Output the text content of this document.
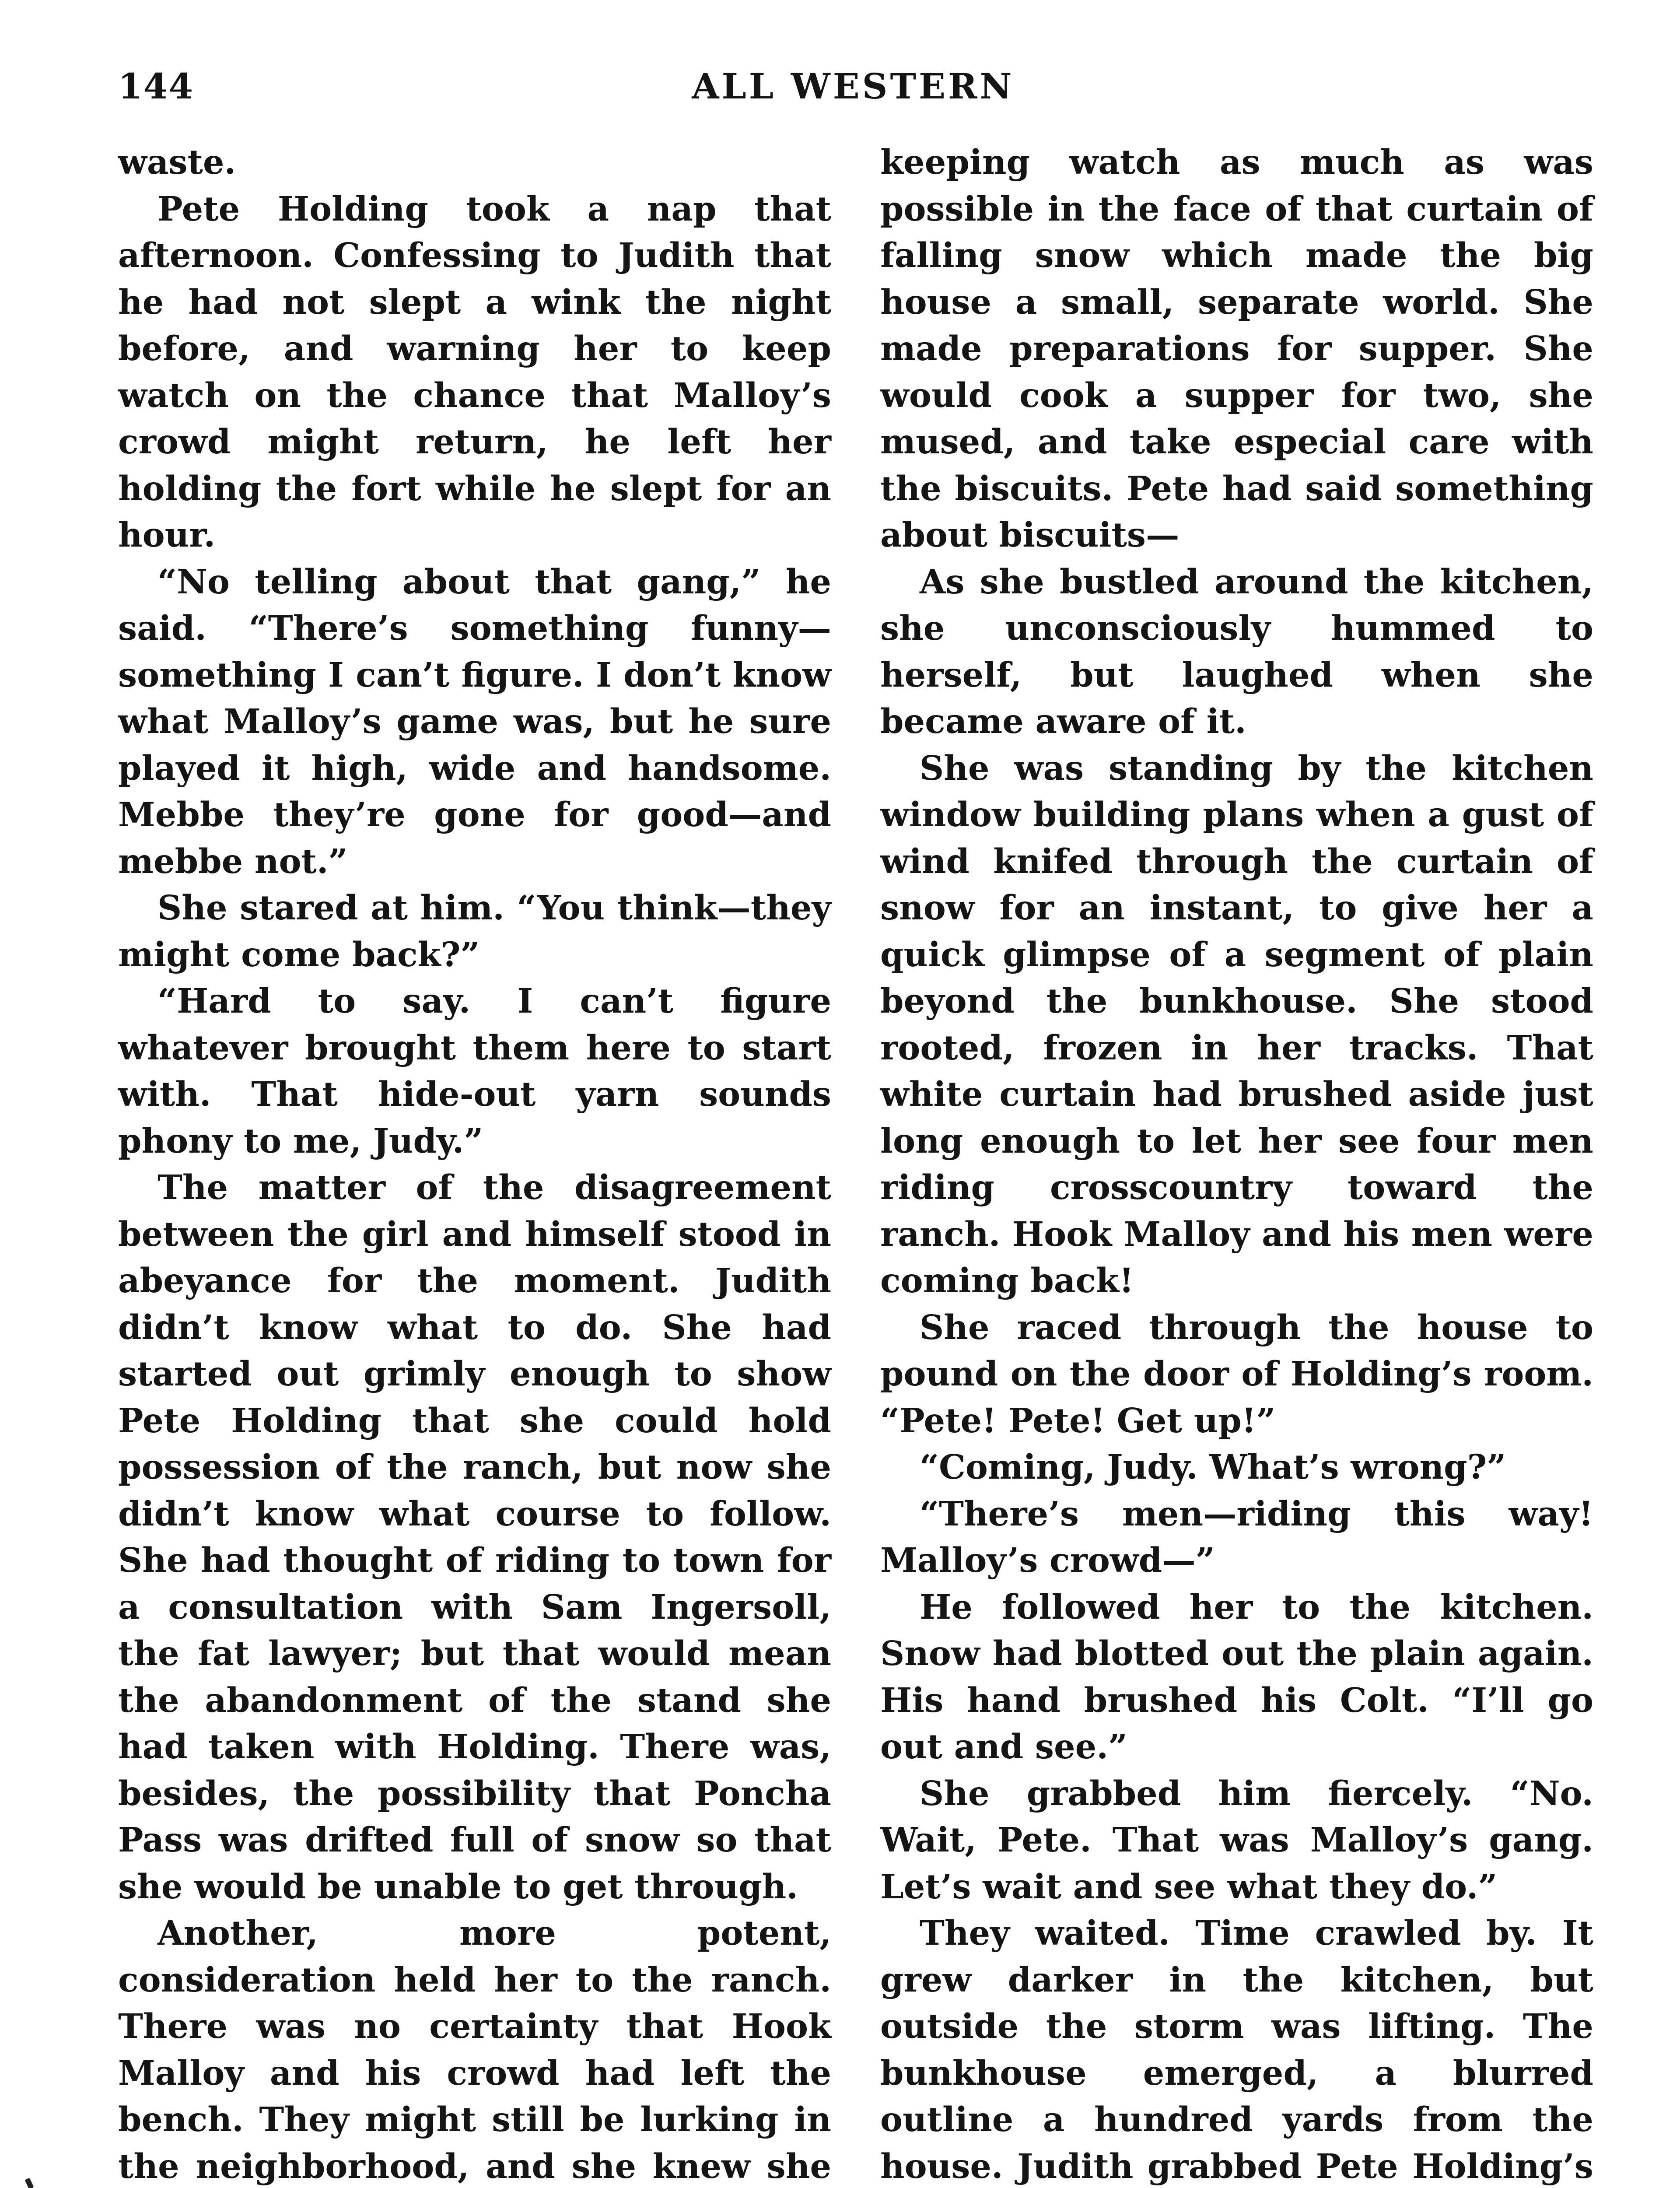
144	ALL WESTERN

waste.

Pete Holding took a nap that afternoon. Confessing to Judith that he had not slept a wink the night before, and warning her to keep watch on the chance that Malloy’s crowd might return, he left her holding the fort while he slept for an hour.

“No telling about that gang,” he said. “There’s something funny—something I can’t figure. I don’t know what Malloy’s game was, but he sure played it high, wide and handsome. Mebbe they’re gone for good—and mebbe not.”

She stared at him. “You think—they might come back?”

“Hard to say. I can’t figure whatever brought them here to start with. That hide-out yarn sounds phony to me, Judy.”

The matter of the disagreement between the girl and himself stood in abeyance for the moment. Judith didn’t know what to do. She had started out grimly enough to show Pete Holding that she could hold possession of the ranch, but now she didn’t know what course to follow. She had thought of riding to town for a consultation with Sam Ingersoll, the fat lawyer; but that would mean the abandonment of the stand she had taken with Holding. There was, besides, the possibility that Poncha Pass was drifted full of snow so that she would be unable to get through.

Another, more potent, consideration held her to the ranch. There was no certainty that Hook Malloy and his crowd had left the bench. They might still be lurking in the neighborhood, and she knew she

keeping watch as much as was possible in the face of that curtain of falling snow which made the big house a small, separate world. She made preparations for supper. She would cook a supper for two, she mused, and take especial care with the biscuits. Pete had said something about biscuits—

As she bustled around the kitchen, she unconsciously hummed to herself, but laughed when she became aware of it.

She was standing by the kitchen window building plans when a gust of wind knifed through the curtain of snow for an instant, to give her a quick glimpse of a segment of plain beyond the bunkhouse. She stood rooted, frozen in her tracks. That white curtain had brushed aside just long enough to let her see four men riding crosscountry toward the ranch. Hook Malloy and his men were coming back!

She raced through the house to pound on the door of Holding’s room. “Pete! Pete! Get up!”

“Coming, Judy. What’s wrong?”

“There’s men—riding this way! Malloy’s crowd—”

He followed her to the kitchen. Snow had blotted out the plain again. His hand brushed his Colt. “I’ll go out and see.”

She grabbed him fiercely. “No. Wait, Pete. That was Malloy’s gang. Let’s wait and see what they do.”

They waited. Time crawled by. It grew darker in the kitchen, but outside the storm was lifting. The bunkhouse emerged, a blurred outline a hundred yards from the house. Judith grabbed Pete Holding’s
